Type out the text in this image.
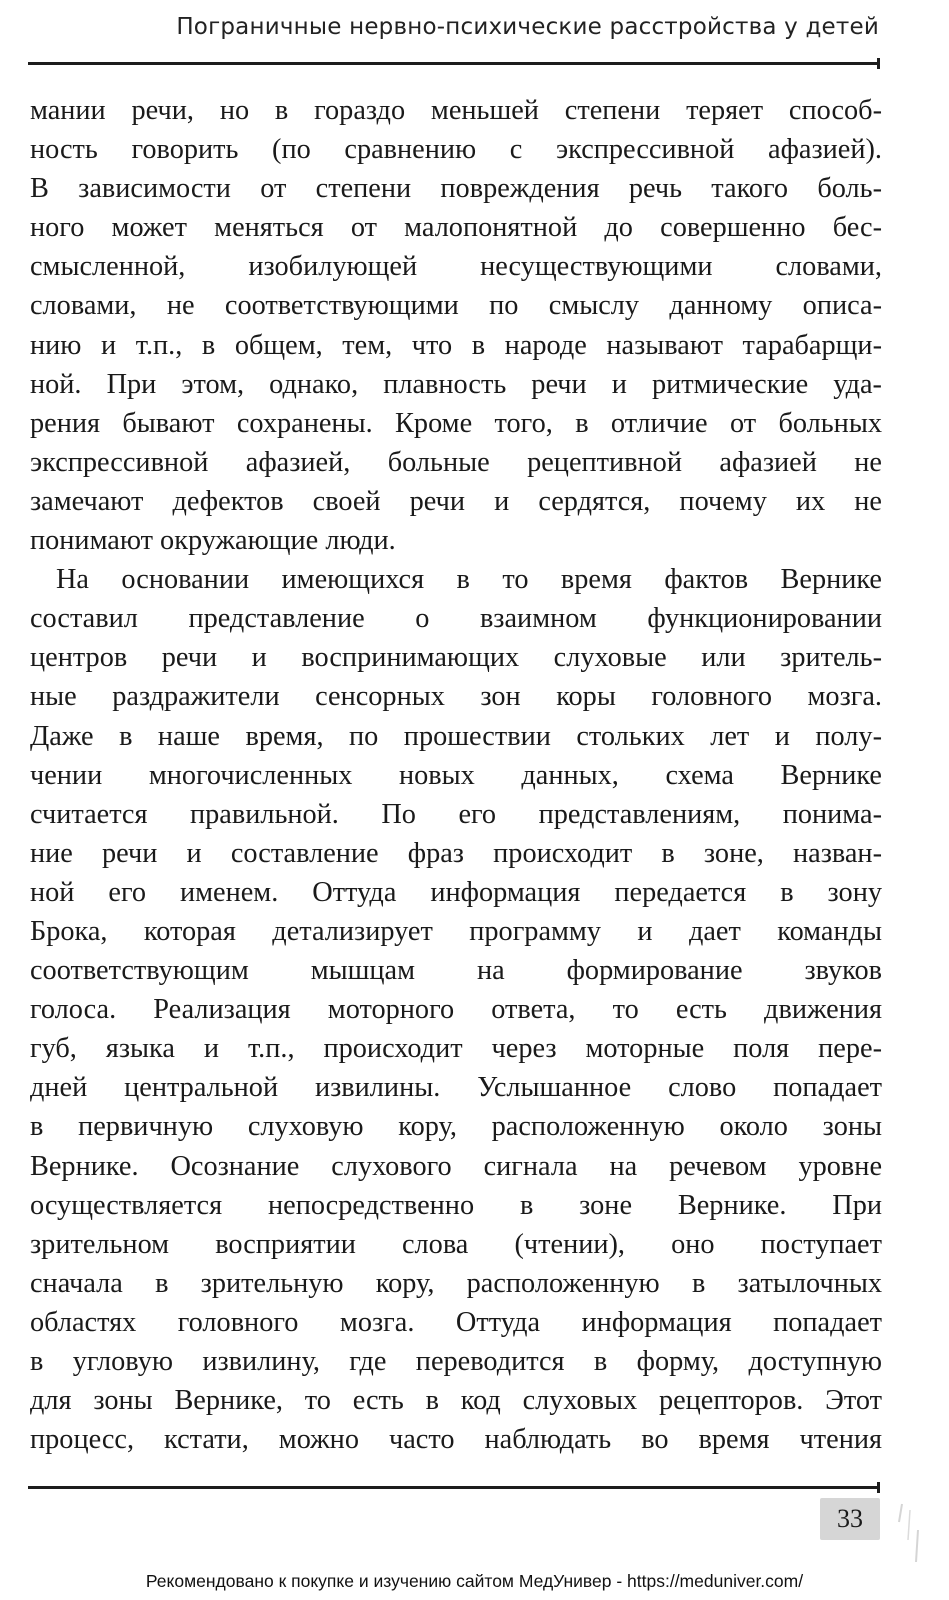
Пограничные нервно-психические расстройства у детей

мании речи, но в гораздо меньшей степени теряет способ-
ность говорить (по сравнению с экспрессивной афазией).
В зависимости от степени повреждения речь такого боль-
ного может меняться от малопонятной до совершенно бес-
смысленной, изобилующей несуществующими словами,
словами, не соответствующими по смыслу данному описа-
нию и т.п., в общем, тем, что в народе называют тарабарщи-
ной. При этом, однако, плавность речи и ритмические уда-
рения бывают сохранены. Кроме того, в отличие от больных
экспрессивной афазией, больные рецептивной афазией не
замечают дефектов своей речи и сердятся, почему их не
понимают окружающие люди.

На основании имеющихся в то время фактов Вернике
составил представление о взаимном функционировании
центров речи и воспринимающих слуховые или зритель-
ные раздражители сенсорных зон коры головного мозга.
Даже в наше время, по прошествии стольких лет и полу-
чении многочисленных новых данных, схема Вернике
считается правильной. По его представлениям, понима-
ние речи и составление фраз происходит в зоне, назван-
ной его именем. Оттуда информация передается в зону
Брока, которая детализирует программу и дает команды
соответствующим мышцам на формирование звуков
голоса. Реализация моторного ответа, то есть движения
губ, языка и т.п., происходит через моторные поля пере-
дней центральной извилины. Услышанное слово попадает
в первичную слуховую кору, расположенную около зоны
Вернике. Осознание слухового сигнала на речевом уровне
осуществляется непосредственно в зоне Вернике. При
зрительном восприятии слова (чтении), оно поступает
сначала в зрительную кору, расположенную в затылочных
областях головного мозга. Оттуда информация попадает
в угловую извилину, где переводится в форму, доступную
для зоны Вернике, то есть в код слуховых рецепторов. Этот
процесс, кстати, можно часто наблюдать во время чтения

33
Рекомендовано к покупке и изучению сайтом МедУнивер - https://meduniver.com/
